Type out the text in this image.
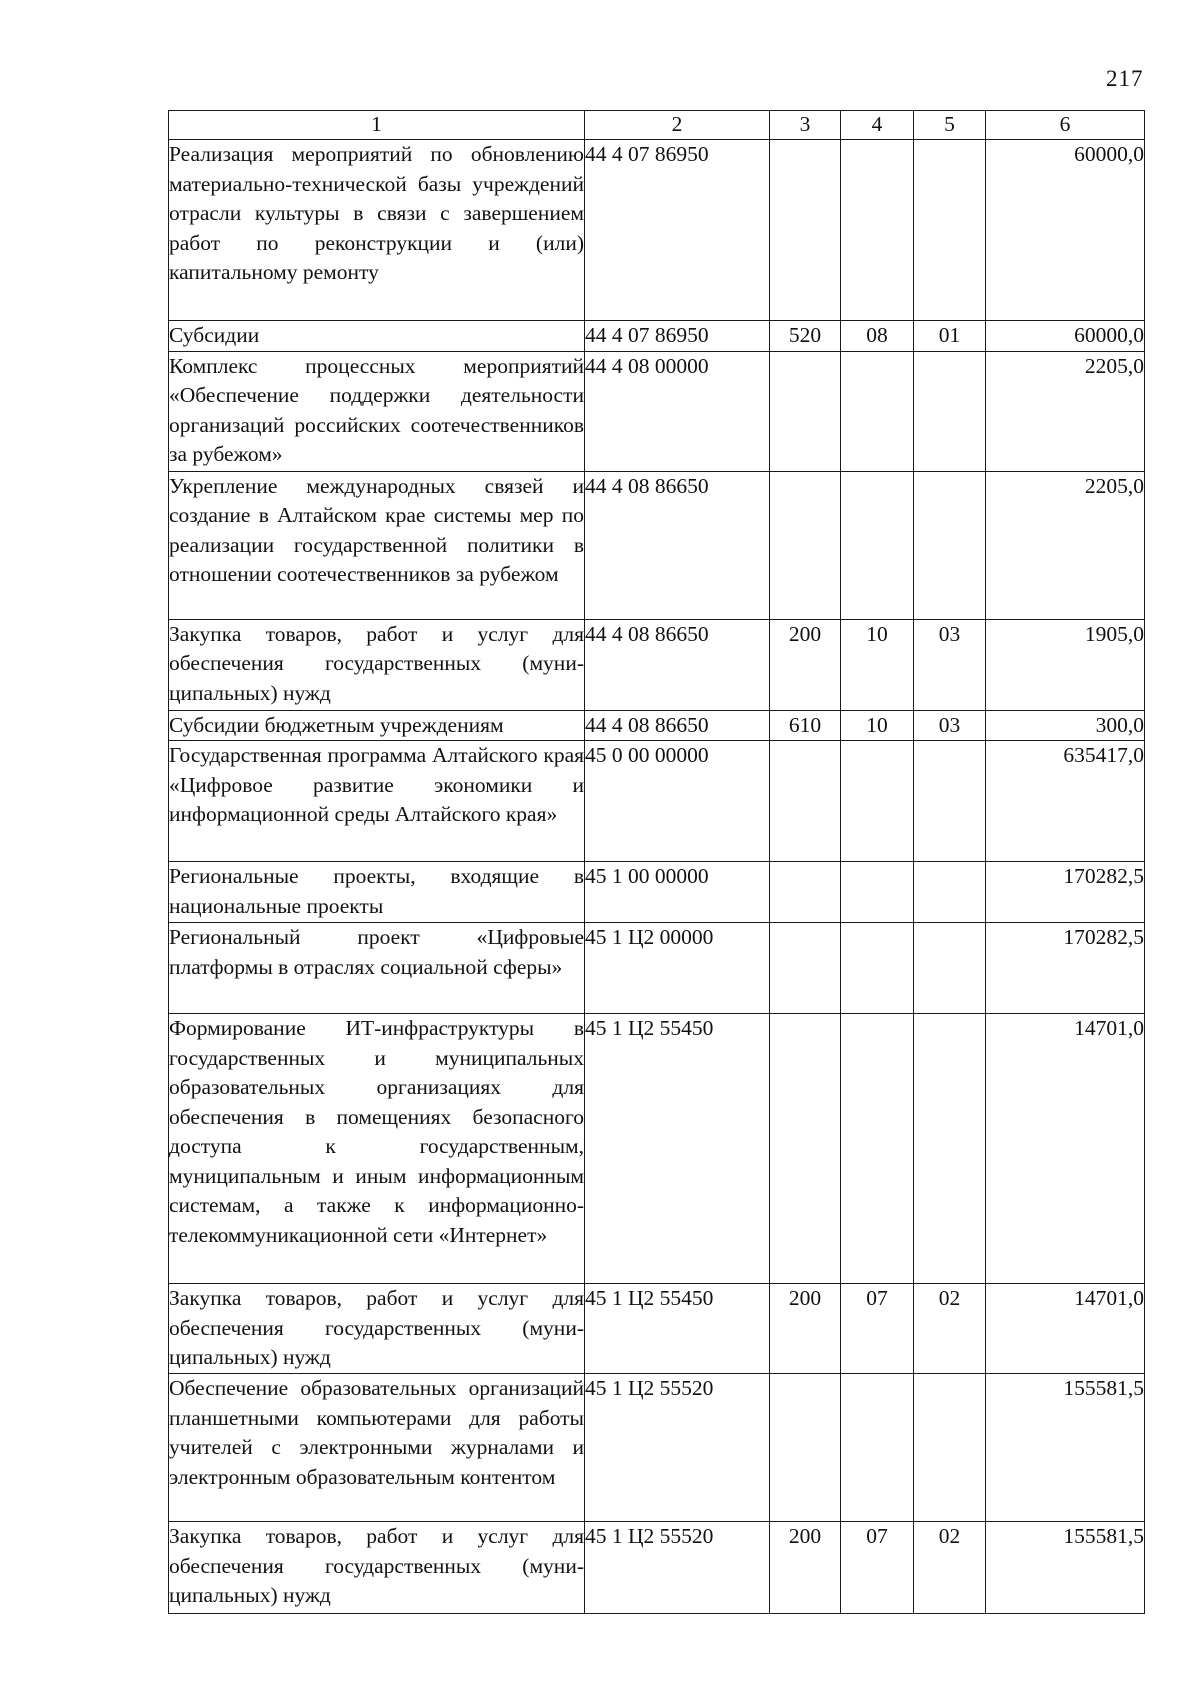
217
1	2	3	4	5	6
Реализация мероприятий по обновлению материально-технической базы учреждений отрасли культуры в связи с завершением работ по реконструкции и (или) капитальному ремонту	44 4 07 86950				60000,0
Субсидии	44 4 07 86950	520	08	01	60000,0
Комплекс процессных мероприятий «Обеспечение поддержки деятельности организаций российских соотечественников за рубежом»	44 4 08 00000				2205,0
Укрепление международных связей и создание в Алтайском крае системы мер по реализации государственной политики в отношении соотечественников за рубежом	44 4 08 86650				2205,0
Закупка товаров, работ и услуг для обеспечения государственных (муниципальных) нужд	44 4 08 86650	200	10	03	1905,0
Субсидии бюджетным учреждениям	44 4 08 86650	610	10	03	300,0
Государственная программа Алтайского края «Цифровое развитие экономики и информационной среды Алтайского края»	45 0 00 00000				635417,0
Региональные проекты, входящие в национальные проекты	45 1 00 00000				170282,5
Региональный проект «Цифровые платформы в отраслях социальной сферы»	45 1 Ц2 00000				170282,5
Формирование ИТ-инфраструктуры в государственных и муниципальных образовательных организациях для обеспечения в помещениях безопасного доступа к государственным, муниципальным и иным информационным системам, а также к информационно-телекоммуникационной сети «Интернет»	45 1 Ц2 55450				14701,0
Закупка товаров, работ и услуг для обеспечения государственных (муниципальных) нужд	45 1 Ц2 55450	200	07	02	14701,0
Обеспечение образовательных организаций планшетными компьютерами для работы учителей с электронными журналами и электронным образовательным контентом	45 1 Ц2 55520				155581,5
Закупка товаров, работ и услуг для обеспечения государственных (муниципальных) нужд	45 1 Ц2 55520	200	07	02	155581,5
